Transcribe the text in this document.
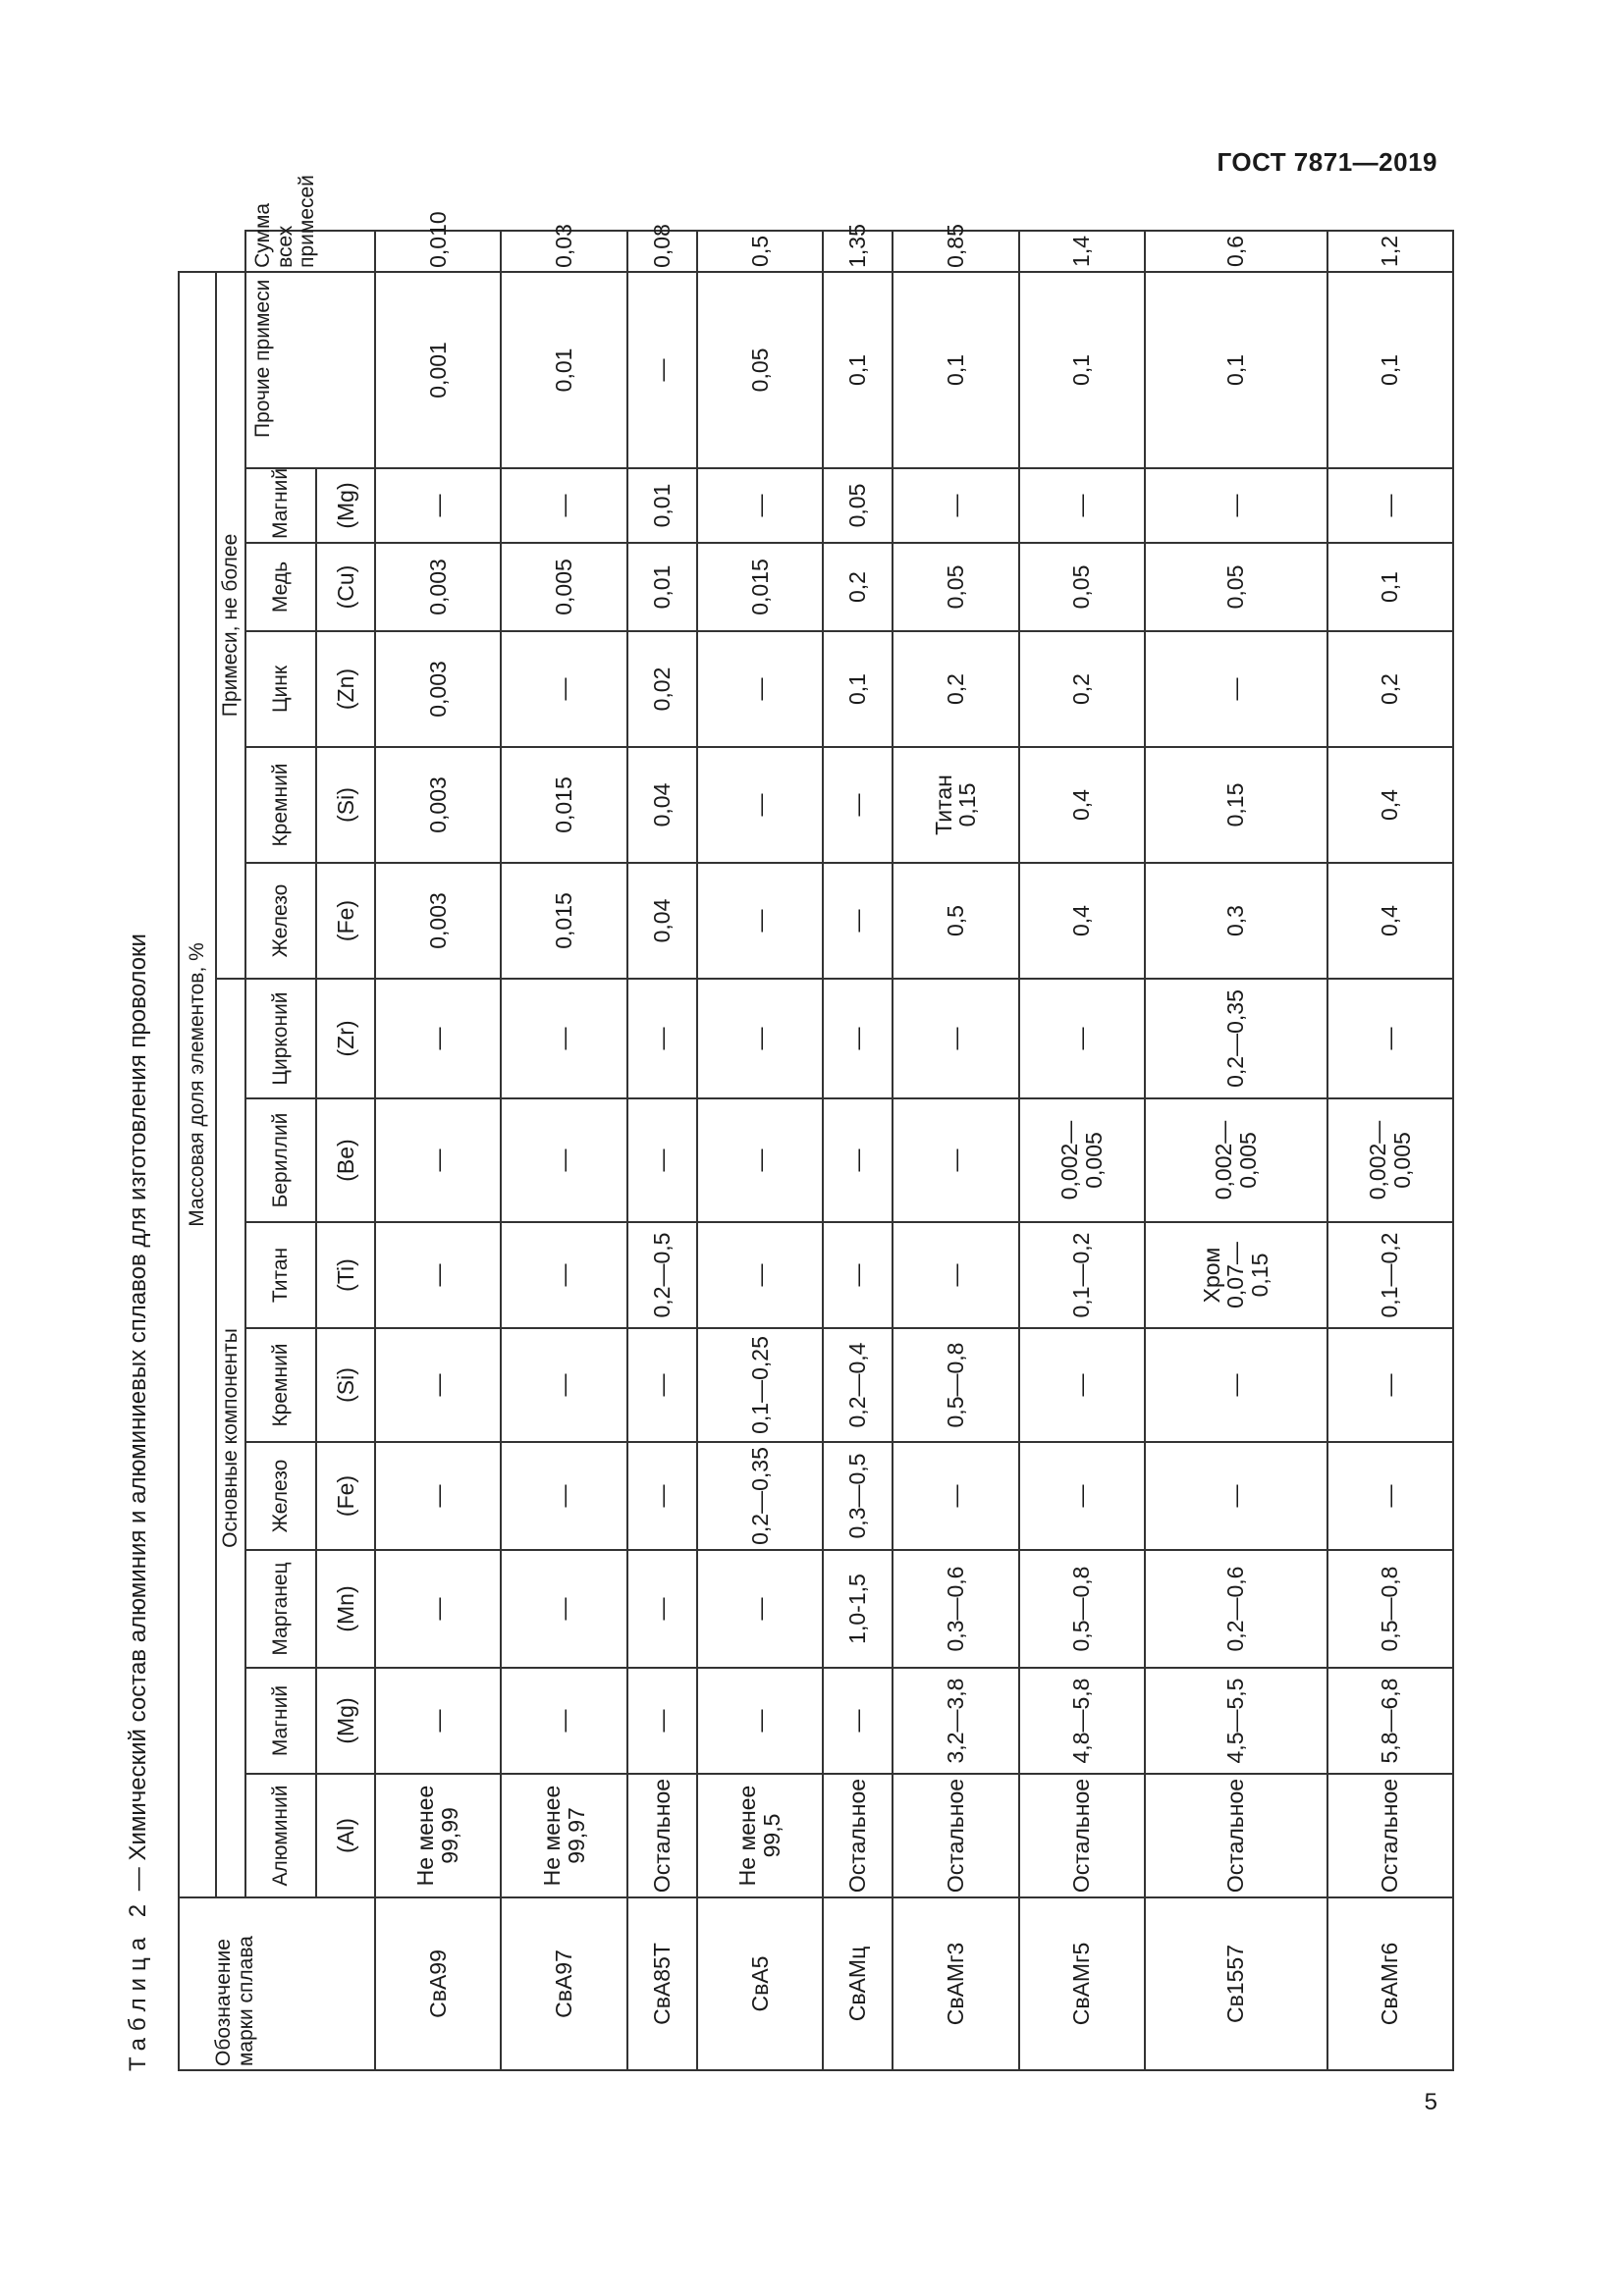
ГОСТ 7871—2019
Таблица 2 — Химический состав алюминия и алюминиевых сплавов для изготовления проволоки
Обозначение марки сплава	Массовая доля элементов, %														
	Основные компоненты								Примеси, не более						
	Алюминий	Магний	Марганец	Железо	Кремний	Титан	Бериллий	Цирконий	Железо	Кремний	Цинк	Медь	Магний	Прочие примеси	Сумма всех примесей
	(Al)	(Mg)	(Mn)	(Fe)	(Si)	(Ti)	(Be)	(Zr)	(Fe)	(Si)	(Zn)	(Cu)	(Mg)		
СвА99	Не менее 99,99	—	—	—	—	—	—	—	0,003	0,003	0,003	0,003	—	0,001	0,010
СвА97	Не менее 99,97	—	—	—	—	—	—	—	0,015	0,015	—	0,005	—	0,01	0,03
СвА85Т	Остальное	—	—	—	—	0,2—0,5	—	—	0,04	0,04	0,02	0,01	0,01	—	0,08
СвА5	Не менее 99,5	—	—	0,2—0,35	0,1—0,25	—	—	—	—	—	—	0,015	—	0,05	0,5
СвАМц	Остальное	—	1,0-1,5	0,3—0,5	0,2—0,4	—	—	—	—	—	0,1	0,2	0,05	0,1	1,35
СвАМг3	Остальное	3,2—3,8	0,3—0,6	—	0,5—0,8	—	—	—	0,5	Титан 0,15	0,2	0,05	—	0,1	0,85
СвАМг5	Остальное	4,8—5,8	0,5—0,8	—	—	0,1—0,2	0,002—0,005	—	0,4	0,4	0,2	0,05	—	0,1	1,4
Св1557	Остальное	4,5—5,5	0,2—0,6	—	—	Хром 0,07—0,15	0,002—0,005	0,2—0,35	0,3	0,15	—	0,05	—	0,1	0,6
СвАМг6	Остальное	5,8—6,8	0,5—0,8	—	—	0,1—0,2	0,002—0,005	—	0,4	0,4	0,2	0,1	—	0,1	1,2
5
